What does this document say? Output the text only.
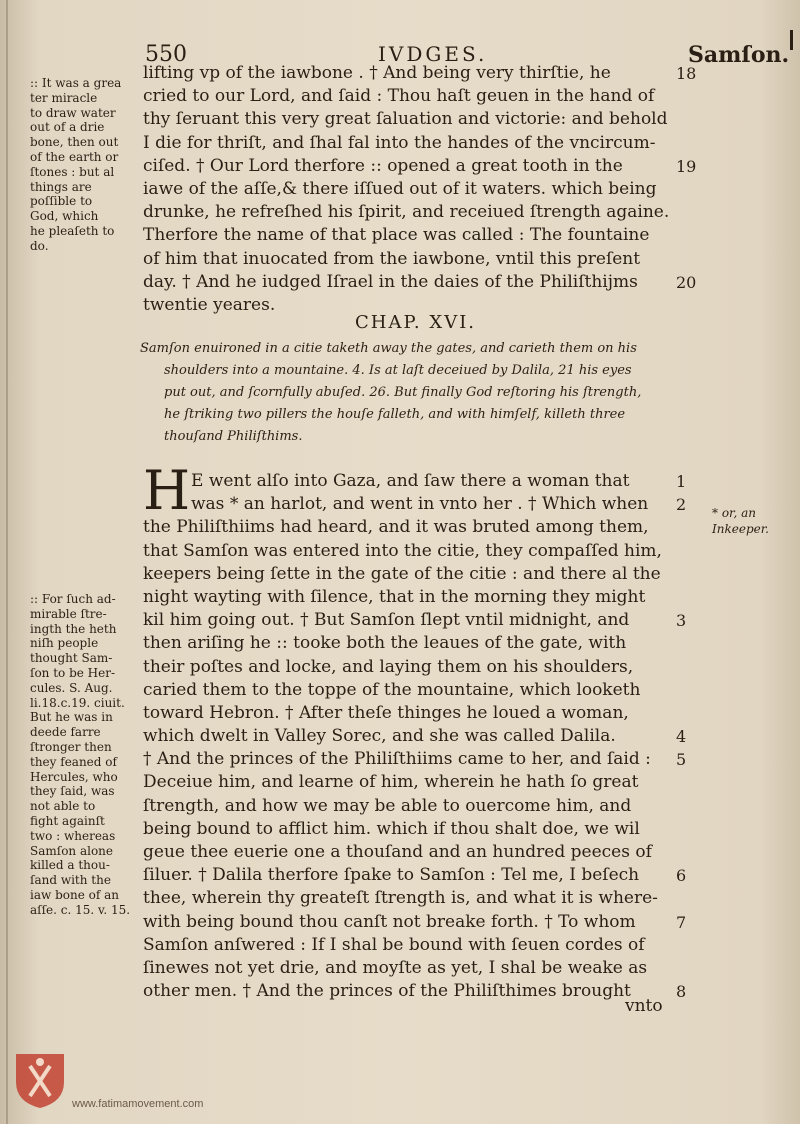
550	IVDGES.	Samſon.
:: It was a grea
ter miracle
to draw water
out of a drie
bone, then out
of the earth or
ſtones : but al
things are
poſſible to
God, which
he pleaſeth to
do.
lifting vp of the iawbone . † And being very thirſtie, he
cried to our Lord, and ſaid : Thou haſt geuen in the hand of
thy ſeruant this very great ſaluation and victorie: and behold
I die for thriſt, and ſhal fal into the handes of the vncircum-
ciſed. † Our Lord therfore :: opened a great tooth in the
iawe of the aſſe,& there iſſued out of it waters. which being
drunke, he refreſhed his ſpirit, and receiued ſtrength againe.
Therfore the name of that place was called : The fountaine
of him that inuocated from the iawbone, vntil this preſent
day. † And he iudged Iſrael in the daies of the Philiſthijms
twentie yeares.
18
19
20
CHAP. XVI.
Samſon enuironed in a citie taketh away the gates, and carieth them on his
shoulders into a mountaine. 4. Is at laſt deceiued by Dalila, 21 his eyes
put out, and ſcornfully abuſed. 26. But finally God reſtoring his ſtrength,
he ſtriking two pillers the houſe falleth, and with himſelf, killeth three
thouſand Philiſthims.
H E went alſo into Gaza, and ſaw there a woman that
was * an harlot, and went in vnto her . † Which when
the Philiſthiims had heard, and it was bruted among them,
that Samſon was entered into the citie, they compaſſed him,
keepers being ſette in the gate of the citie : and there al the
night wayting with ſilence, that in the morning they might
kil him going out. † But Samſon ſlept vntil midnight, and
then ariſing he :: tooke both the leaues of the gate, with
their poſtes and locke, and laying them on his shoulders,
caried them to the toppe of the mountaine, which looketh
toward Hebron. † After theſe thinges he loued a woman,
which dwelt in Valley Sorec, and she was called Dalila.
† And the princes of the Philiſthiims came to her, and ſaid :
Deceiue him, and learne of him, wherein he hath ſo great
ſtrength, and how we may be able to ouercome him, and
being bound to afflict him. which if thou shalt doe, we wil
geue thee euerie one a thouſand and an hundred peeces of
ſiluer. † Dalila therfore ſpake to Samſon : Tel me, I beſech
thee, wherein thy greateſt ſtrength is, and what it is where-
with being bound thou canſt not breake forth. † To whom
Samſon anſwered : If I shal be bound with ſeuen cordes of
ſinewes not yet drie, and moyſte as yet, I shal be weake as
other men. † And the princes of the Philiſthimes brought
1
2
3
4
5
6
7
8
vnto
:: For ſuch ad-
mirable ſtre-
ingth the heth
niſh people
thought Sam-
ſon to be Her-
cules. S. Aug.
li.18.c.19. ciuit.
But he was in
deede farre
ſtronger then
they feaned of
Hercules, who
they ſaid, was
not able to
fight againſt
two : whereas
Samſon alone
killed a thou-
ſand with the
iaw bone of an
aſſe. c. 15. v. 15.
* or, an
Inkeeper.
www.fatimamovement.com
